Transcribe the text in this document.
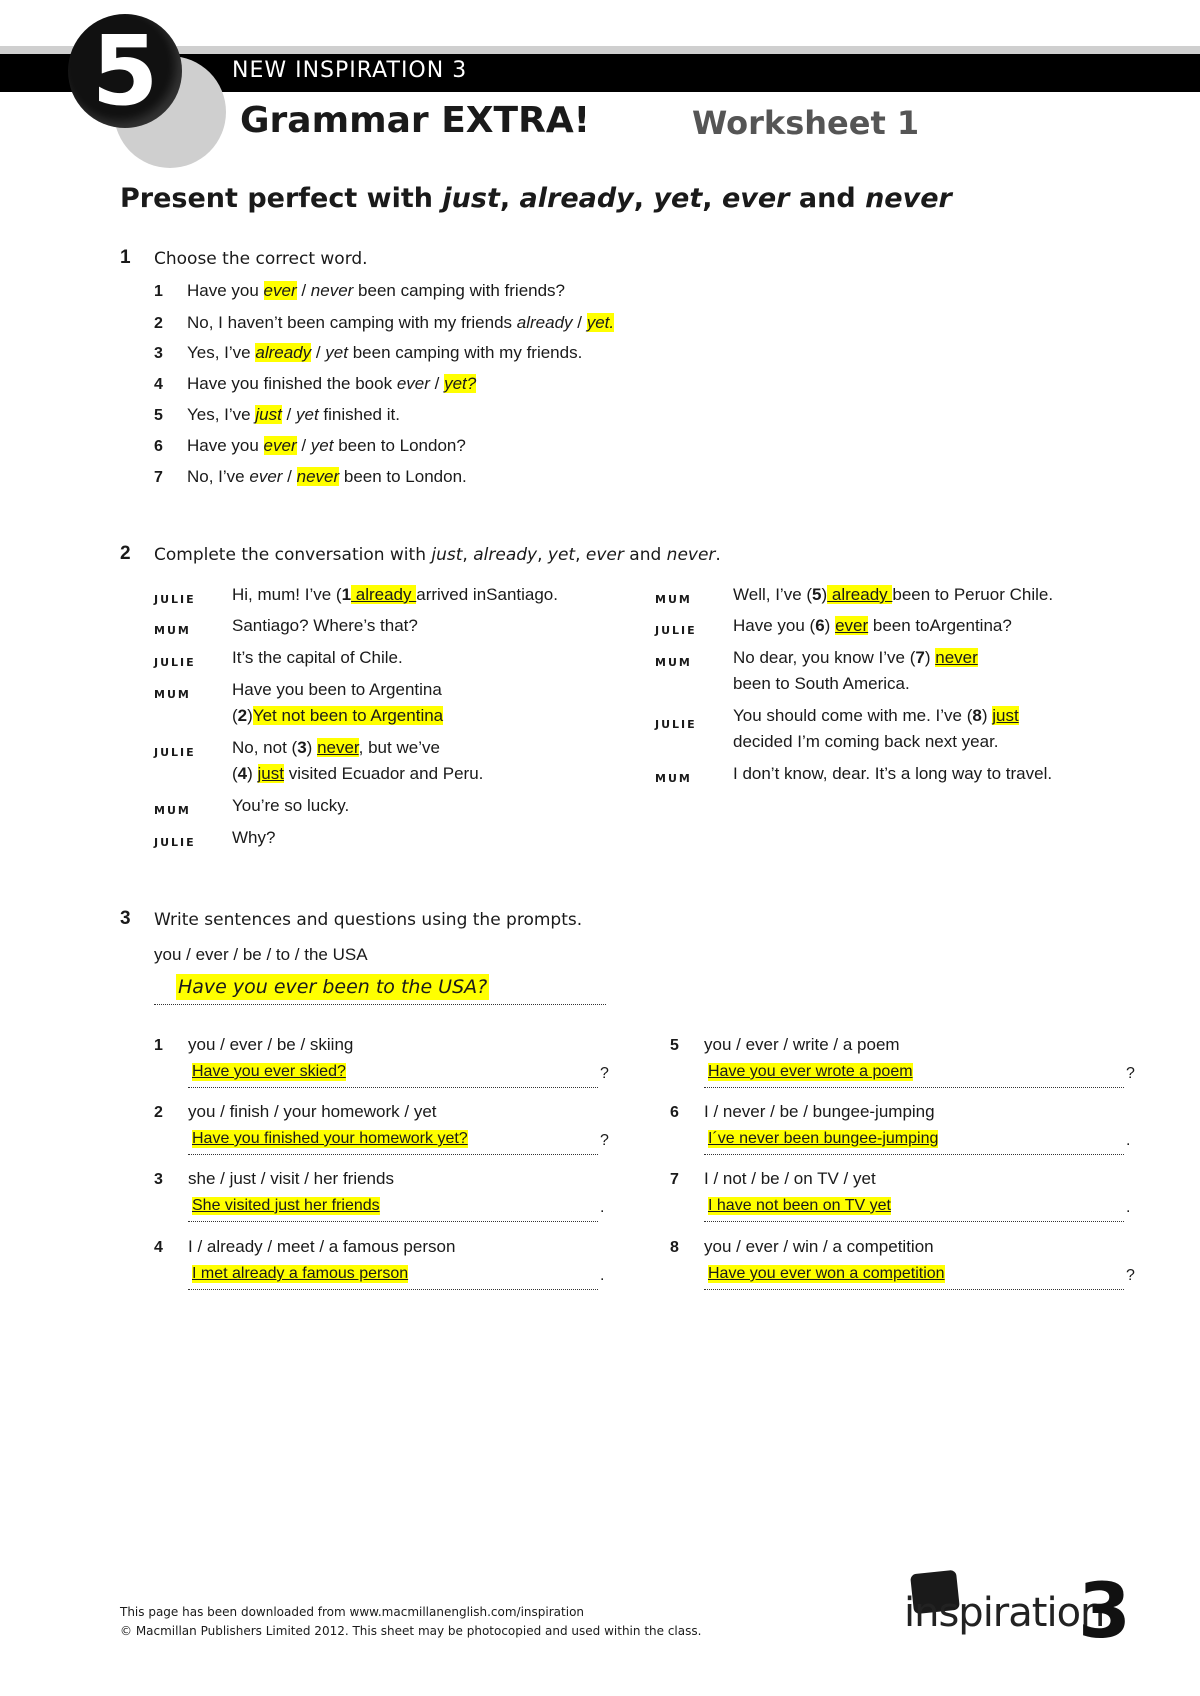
NEW INSPIRATION 3
5	Grammar EXTRA!	Worksheet 1
Present perfect with just, already, yet, ever and never
1 Choose the correct word.
1 Have you ever / never been camping with friends?
2 No, I haven’t been camping with my friends already / yet.
3 Yes, I’ve already / yet been camping with my friends.
4 Have you finished the book ever / yet?
5 Yes, I’ve just / yet finished it.
6 Have you ever / yet been to London?
7 No, I’ve ever / never been to London.
2 Complete the conversation with just, already, yet, ever and never.
JULIE Hi, mum! I’ve (1 already arrived inSantiago.
MUM Santiago? Where’s that?
JULIE It’s the capital of Chile.
MUM Have you been to Argentina
(2)Yet not been to Argentina
JULIE No, not (3) never, but we’ve
(4) just visited Ecuador and Peru.
MUM You’re so lucky.
JULIE Why?
MUM Well, I’ve (5) already been to Peruor Chile.
JULIE Have you (6) ever been toArgentina?
MUM No dear, you know I’ve (7) never
been to South America.
JULIE You should come with me. I’ve (8) just
decided I’m coming back next year.
MUM I don’t know, dear. It’s a long way to travel.
3 Write sentences and questions using the prompts.
you / ever / be / to / the USA
Have you ever been to the USA?
1 you / ever / be / skiing
Have you ever skied?	?
2 you / finish / your homework / yet
Have you finished your homework yet?	?
3 she / just / visit / her friends
She visited just her friends	.
4 I / already / meet / a famous person
I met already a famous person	.
5 you / ever / write / a poem
Have you ever wrote a poem	?
6 I / never / be / bungee-jumping
I´ve never been bungee-jumping	.
7 I / not / be / on TV / yet
I have not been on TV yet	.
8 you / ever / win / a competition
Have you ever won a competition	?
This page has been downloaded from www.macmillanenglish.com/inspiration
© Macmillan Publishers Limited 2012. This sheet may be photocopied and used within the class.	inspiration
3
